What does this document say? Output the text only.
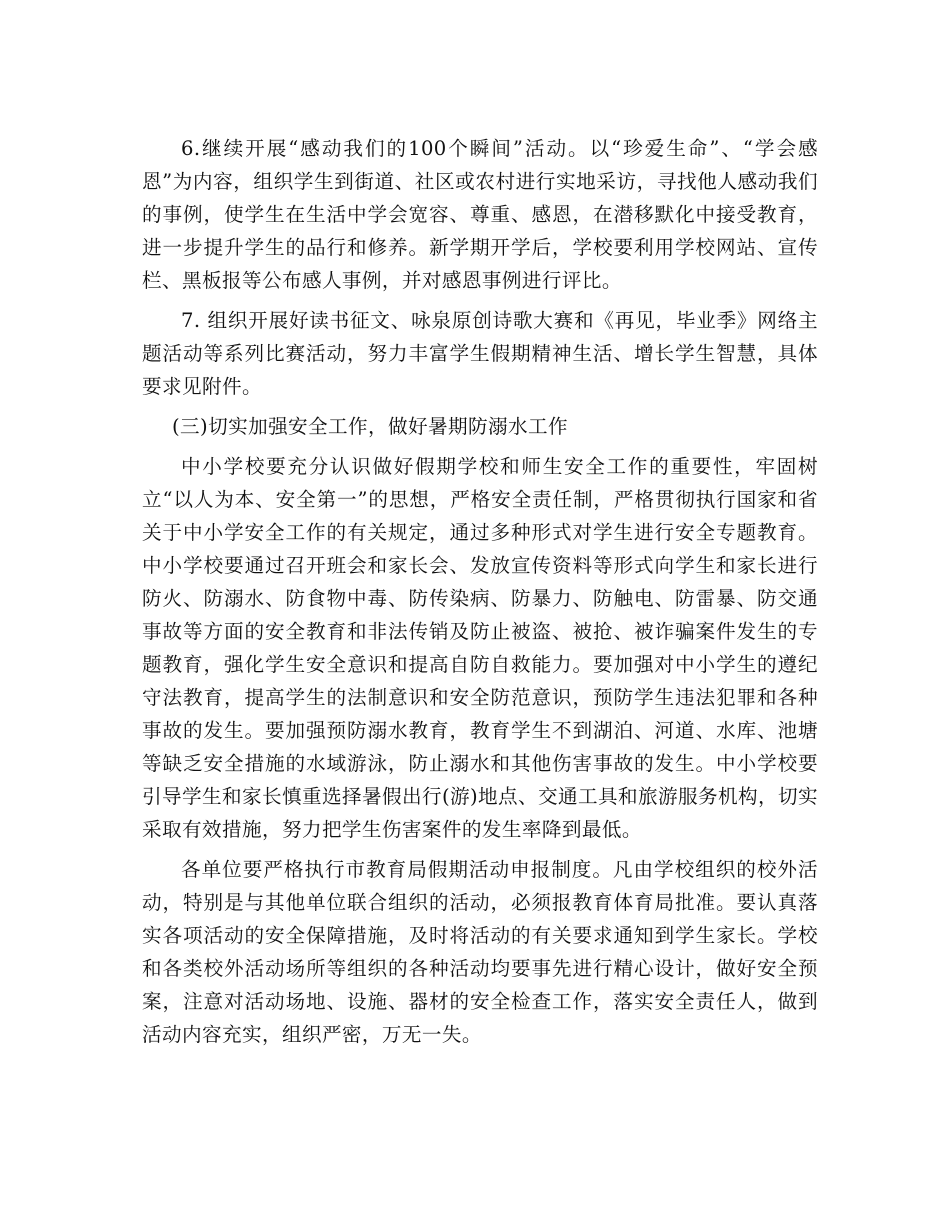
6.继续开展“感动我们的100个瞬间”活动。以“珍爱生命”、“学会感恩”为内容，组织学生到街道、社区或农村进行实地采访，寻找他人感动我们的事例，使学生在生活中学会宽容、尊重、感恩，在潜移默化中接受教育，进一步提升学生的品行和修养。新学期开学后，学校要利用学校网站、宣传栏、黑板报等公布感人事例，并对感恩事例进行评比。

7. 组织开展好读书征文、咏泉原创诗歌大赛和《再见，毕业季》网络主题活动等系列比赛活动，努力丰富学生假期精神生活、增长学生智慧，具体要求见附件。

(三)切实加强安全工作，做好暑期防溺水工作

中小学校要充分认识做好假期学校和师生安全工作的重要性，牢固树立“以人为本、安全第一”的思想，严格安全责任制，严格贯彻执行国家和省关于中小学安全工作的有关规定，通过多种形式对学生进行安全专题教育。中小学校要通过召开班会和家长会、发放宣传资料等形式向学生和家长进行防火、防溺水、防食物中毒、防传染病、防暴力、防触电、防雷暴、防交通事故等方面的安全教育和非法传销及防止被盗、被抢、被诈骗案件发生的专题教育，强化学生安全意识和提高自防自救能力。要加强对中小学生的遵纪守法教育，提高学生的法制意识和安全防范意识，预防学生违法犯罪和各种事故的发生。要加强预防溺水教育，教育学生不到湖泊、河道、水库、池塘等缺乏安全措施的水域游泳，防止溺水和其他伤害事故的发生。中小学校要引导学生和家长慎重选择暑假出行(游)地点、交通工具和旅游服务机构，切实采取有效措施，努力把学生伤害案件的发生率降到最低。

各单位要严格执行市教育局假期活动申报制度。凡由学校组织的校外活动，特别是与其他单位联合组织的活动，必须报教育体育局批准。要认真落实各项活动的安全保障措施，及时将活动的有关要求通知到学生家长。学校和各类校外活动场所等组织的各种活动均要事先进行精心设计，做好安全预案，注意对活动场地、设施、器材的安全检查工作，落实安全责任人，做到活动内容充实，组织严密，万无一失。
